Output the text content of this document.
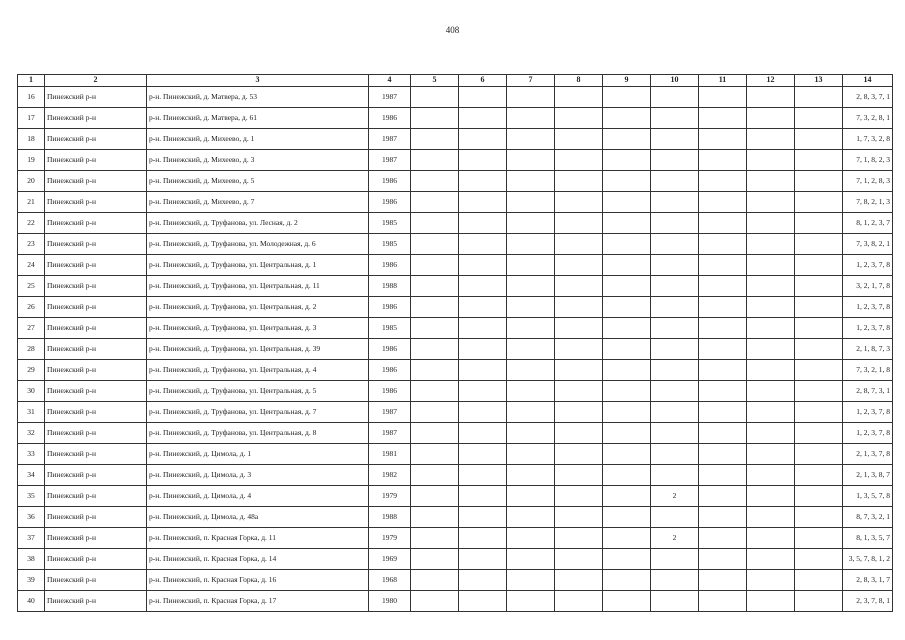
408
1	2	3	4	5	6	7	8	9	10	11	12	13	14
16	Пинежский р-н	р-н. Пинежский, д. Матвера, д. 53	1987										2, 8, 3, 7, 1
17	Пинежский р-н	р-н. Пинежский, д. Матвера, д. 61	1986										7, 3, 2, 8, 1
18	Пинежский р-н	р-н. Пинежский, д. Михеево, д. 1	1987										1, 7, 3, 2, 8
19	Пинежский р-н	р-н. Пинежский, д. Михеево, д. 3	1987										7, 1, 8, 2, 3
20	Пинежский р-н	р-н. Пинежский, д. Михеево, д. 5	1986										7, 1, 2, 8, 3
21	Пинежский р-н	р-н. Пинежский, д. Михеево, д. 7	1986										7, 8, 2, 1, 3
22	Пинежский р-н	р-н. Пинежский, д. Труфанова, ул. Лесная, д. 2	1985										8, 1, 2, 3, 7
23	Пинежский р-н	р-н. Пинежский, д. Труфанова, ул. Молодежная, д. 6	1985										7, 3, 8, 2, 1
24	Пинежский р-н	р-н. Пинежский, д. Труфанова, ул. Центральная, д. 1	1986										1, 2, 3, 7, 8
25	Пинежский р-н	р-н. Пинежский, д. Труфанова, ул. Центральная, д. 11	1988										3, 2, 1, 7, 8
26	Пинежский р-н	р-н. Пинежский, д. Труфанова, ул. Центральная, д. 2	1986										1, 2, 3, 7, 8
27	Пинежский р-н	р-н. Пинежский, д. Труфанова, ул. Центральная, д. 3	1985										1, 2, 3, 7, 8
28	Пинежский р-н	р-н. Пинежский, д. Труфанова, ул. Центральная, д. 39	1986										2, 1, 8, 7, 3
29	Пинежский р-н	р-н. Пинежский, д. Труфанова, ул. Центральная, д. 4	1986										7, 3, 2, 1, 8
30	Пинежский р-н	р-н. Пинежский, д. Труфанова, ул. Центральная, д. 5	1986										2, 8, 7, 3, 1
31	Пинежский р-н	р-н. Пинежский, д. Труфанова, ул. Центральная, д. 7	1987										1, 2, 3, 7, 8
32	Пинежский р-н	р-н. Пинежский, д. Труфанова, ул. Центральная, д. 8	1987										1, 2, 3, 7, 8
33	Пинежский р-н	р-н. Пинежский, д. Цимола, д. 1	1981										2, 1, 3, 7, 8
34	Пинежский р-н	р-н. Пинежский, д. Цимола, д. 3	1982										2, 1, 3, 8, 7
35	Пинежский р-н	р-н. Пинежский, д. Цимола, д. 4	1979						2				1, 3, 5, 7, 8
36	Пинежский р-н	р-н. Пинежский, д. Цимола, д. 48а	1988										8, 7, 3, 2, 1
37	Пинежский р-н	р-н. Пинежский, п. Красная Горка, д. 11	1979						2				8, 1, 3, 5, 7
38	Пинежский р-н	р-н. Пинежский, п. Красная Горка, д. 14	1969										3, 5, 7, 8, 1, 2
39	Пинежский р-н	р-н. Пинежский, п. Красная Горка, д. 16	1968										2, 8, 3, 1, 7
40	Пинежский р-н	р-н. Пинежский, п. Красная Горка, д. 17	1980										2, 3, 7, 8, 1
